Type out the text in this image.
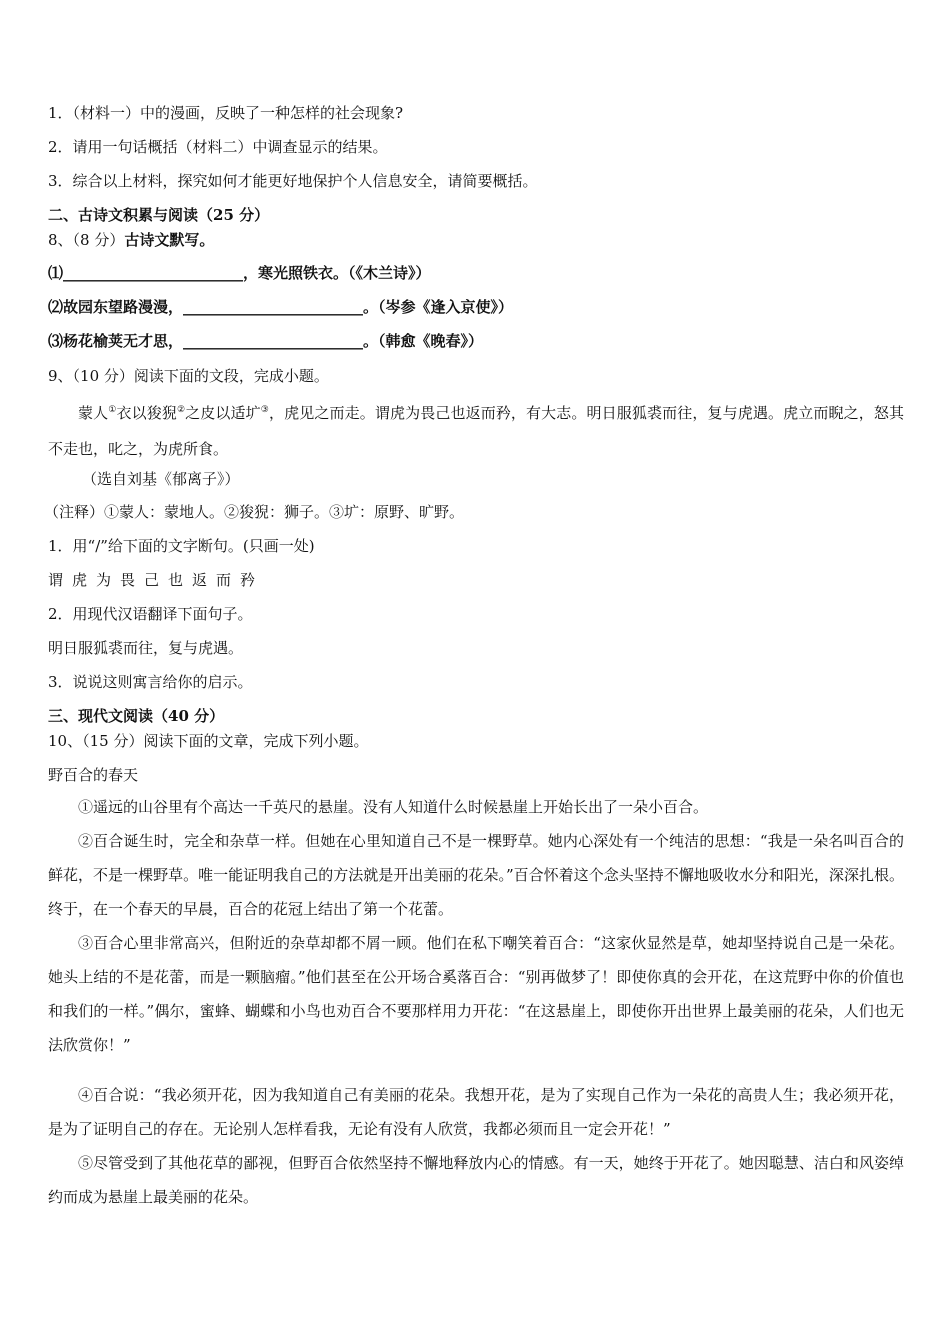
1．（材料一）中的漫画，反映了一种怎样的社会现象?
2．请用一句话概括（材料二）中调查显示的结果。
3．综合以上材料，探究如何才能更好地保护个人信息安全，请简要概括。
二、古诗文积累与阅读（25 分）
8、（8 分）古诗文默写。
⑴________________________，寒光照铁衣。（《木兰诗》）
⑵故园东望路漫漫，________________________。（岑参《逢入京使》）
⑶杨花榆荚无才思，________________________。（韩愈《晚春》）
9、（10 分）阅读下面的文段，完成小题。
蒙人①衣以狻猊②之皮以适圹③，虎见之而走。谓虎为畏己也返而矜，有大志。明日服狐裘而往，复与虎遇。虎立而睨之，怒其不走也，叱之，为虎所食。
（选自刘基《郁离子》）
（注释）①蒙人：蒙地人。②狻猊：狮子。③圹：原野、旷野。
1．用“/”给下面的文字断句。(只画一处)
谓虎为畏己也返而矜
2．用现代汉语翻译下面句子。
明日服狐裘而往，复与虎遇。
3．说说这则寓言给你的启示。
三、现代文阅读（40 分）
10、（15 分）阅读下面的文章，完成下列小题。
野百合的春天
①遥远的山谷里有个高达一千英尺的悬崖。没有人知道什么时候悬崖上开始长出了一朵小百合。
②百合诞生时，完全和杂草一样。但她在心里知道自己不是一棵野草。她内心深处有一个纯洁的思想：“我是一朵名叫百合的鲜花，不是一棵野草。唯一能证明我自己的方法就是开出美丽的花朵。”百合怀着这个念头坚持不懈地吸收水分和阳光，深深扎根。终于，在一个春天的早晨，百合的花冠上结出了第一个花蕾。
③百合心里非常高兴，但附近的杂草却都不屑一顾。他们在私下嘲笑着百合：“这家伙显然是草，她却坚持说自己是一朵花。她头上结的不是花蕾，而是一颗脑瘤。”他们甚至在公开场合奚落百合：“别再做梦了！即使你真的会开花，在这荒野中你的价值也和我们的一样。”偶尔，蜜蜂、蝴蝶和小鸟也劝百合不要那样用力开花：“在这悬崖上，即使你开出世界上最美丽的花朵，人们也无法欣赏你！”
④百合说：“我必须开花，因为我知道自己有美丽的花朵。我想开花，是为了实现自己作为一朵花的高贵人生；我必须开花，是为了证明自己的存在。无论别人怎样看我，无论有没有人欣赏，我都必须而且一定会开花！”
⑤尽管受到了其他花草的鄙视，但野百合依然坚持不懈地释放内心的情感。有一天，她终于开花了。她因聪慧、洁白和风姿绰约而成为悬崖上最美丽的花朵。
